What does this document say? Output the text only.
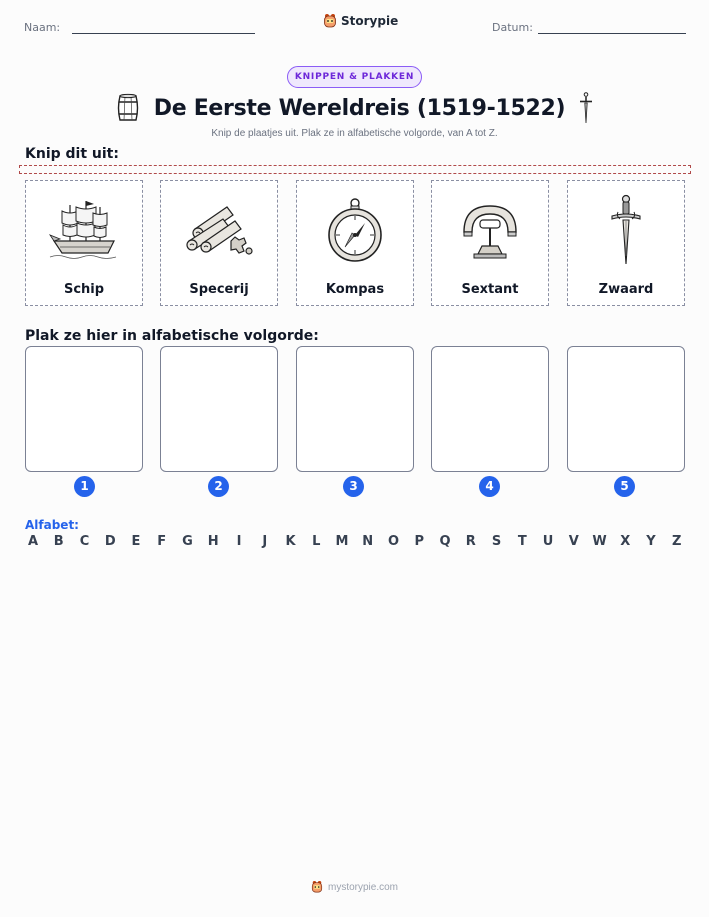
Naam:	Storypie	Datum:
KNIPPEN & PLAKKEN
De Eerste Wereldreis (1519-1522)
Knip de plaatjes uit. Plak ze in alfabetische volgorde, van A tot Z.
Knip dit uit:
Schip	Specerij	Kompas	Sextant	Zwaard
Plak ze hier in alfabetische volgorde:
1	2	3	4	5
Alfabet:
A B C D E F G H	I	J	K L M N O P Q R S T U V W X Y Z
mystorypie.com
